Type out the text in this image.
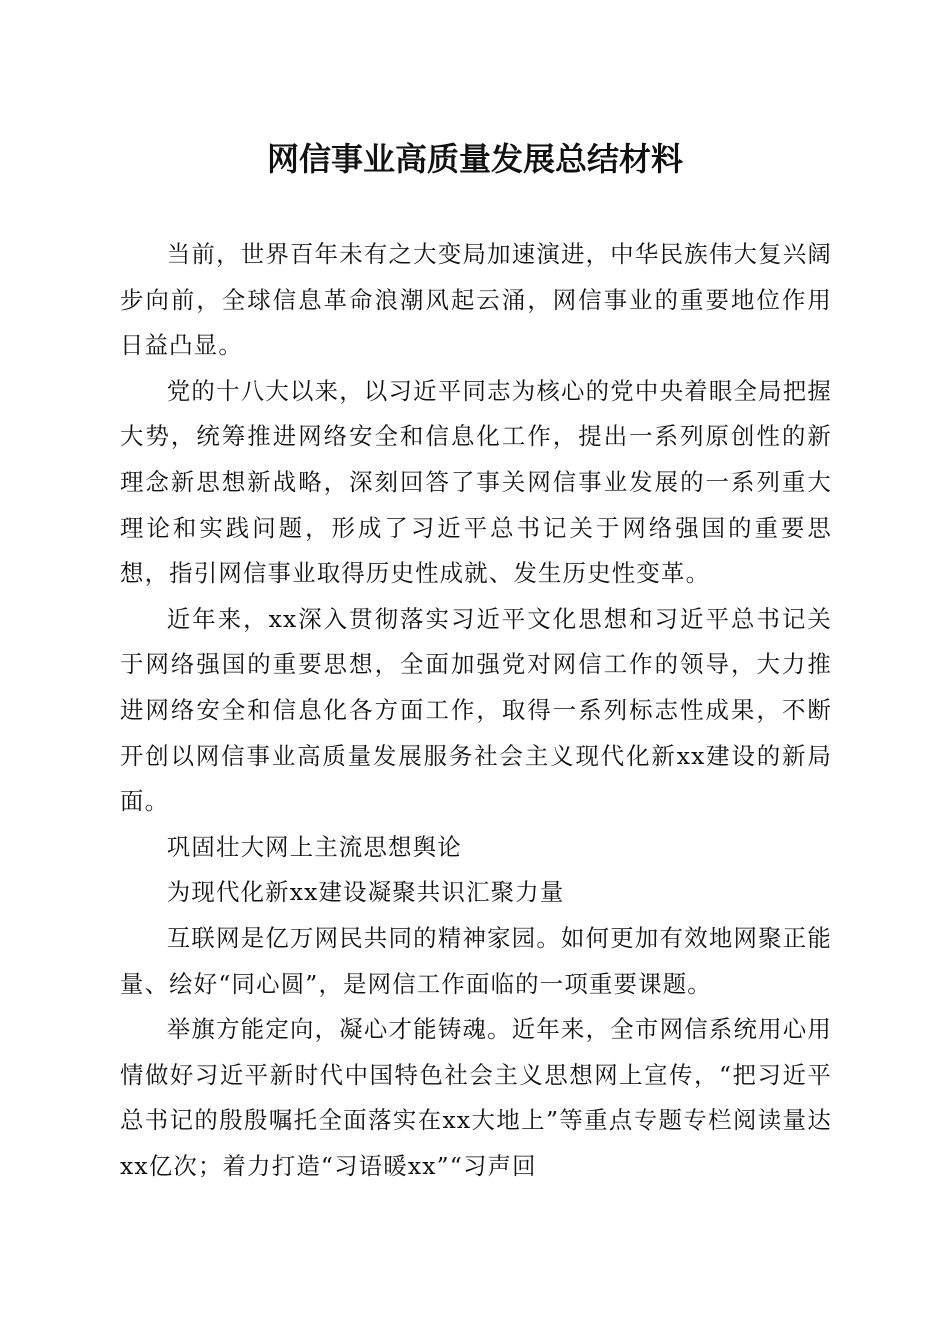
网信事业高质量发展总结材料

当前，世界百年未有之大变局加速演进，中华民族伟大复兴阔步向前，全球信息革命浪潮风起云涌，网信事业的重要地位作用日益凸显。

党的十八大以来，以习近平同志为核心的党中央着眼全局把握大势，统筹推进网络安全和信息化工作，提出一系列原创性的新理念新思想新战略，深刻回答了事关网信事业发展的一系列重大理论和实践问题，形成了习近平总书记关于网络强国的重要思想，指引网信事业取得历史性成就、发生历史性变革。

近年来，xx深入贯彻落实习近平文化思想和习近平总书记关于网络强国的重要思想，全面加强党对网信工作的领导，大力推进网络安全和信息化各方面工作，取得一系列标志性成果，不断开创以网信事业高质量发展服务社会主义现代化新xx建设的新局面。

巩固壮大网上主流思想舆论

为现代化新xx建设凝聚共识汇聚力量

互联网是亿万网民共同的精神家园。如何更加有效地网聚正能量、绘好“同心圆”，是网信工作面临的一项重要课题。

举旗方能定向，凝心才能铸魂。近年来，全市网信系统用心用情做好习近平新时代中国特色社会主义思想网上宣传，“把习近平总书记的殷殷嘱托全面落实在xx大地上”等重点专题专栏阅读量达xx亿次；着力打造“习语暖xx”“习声回
